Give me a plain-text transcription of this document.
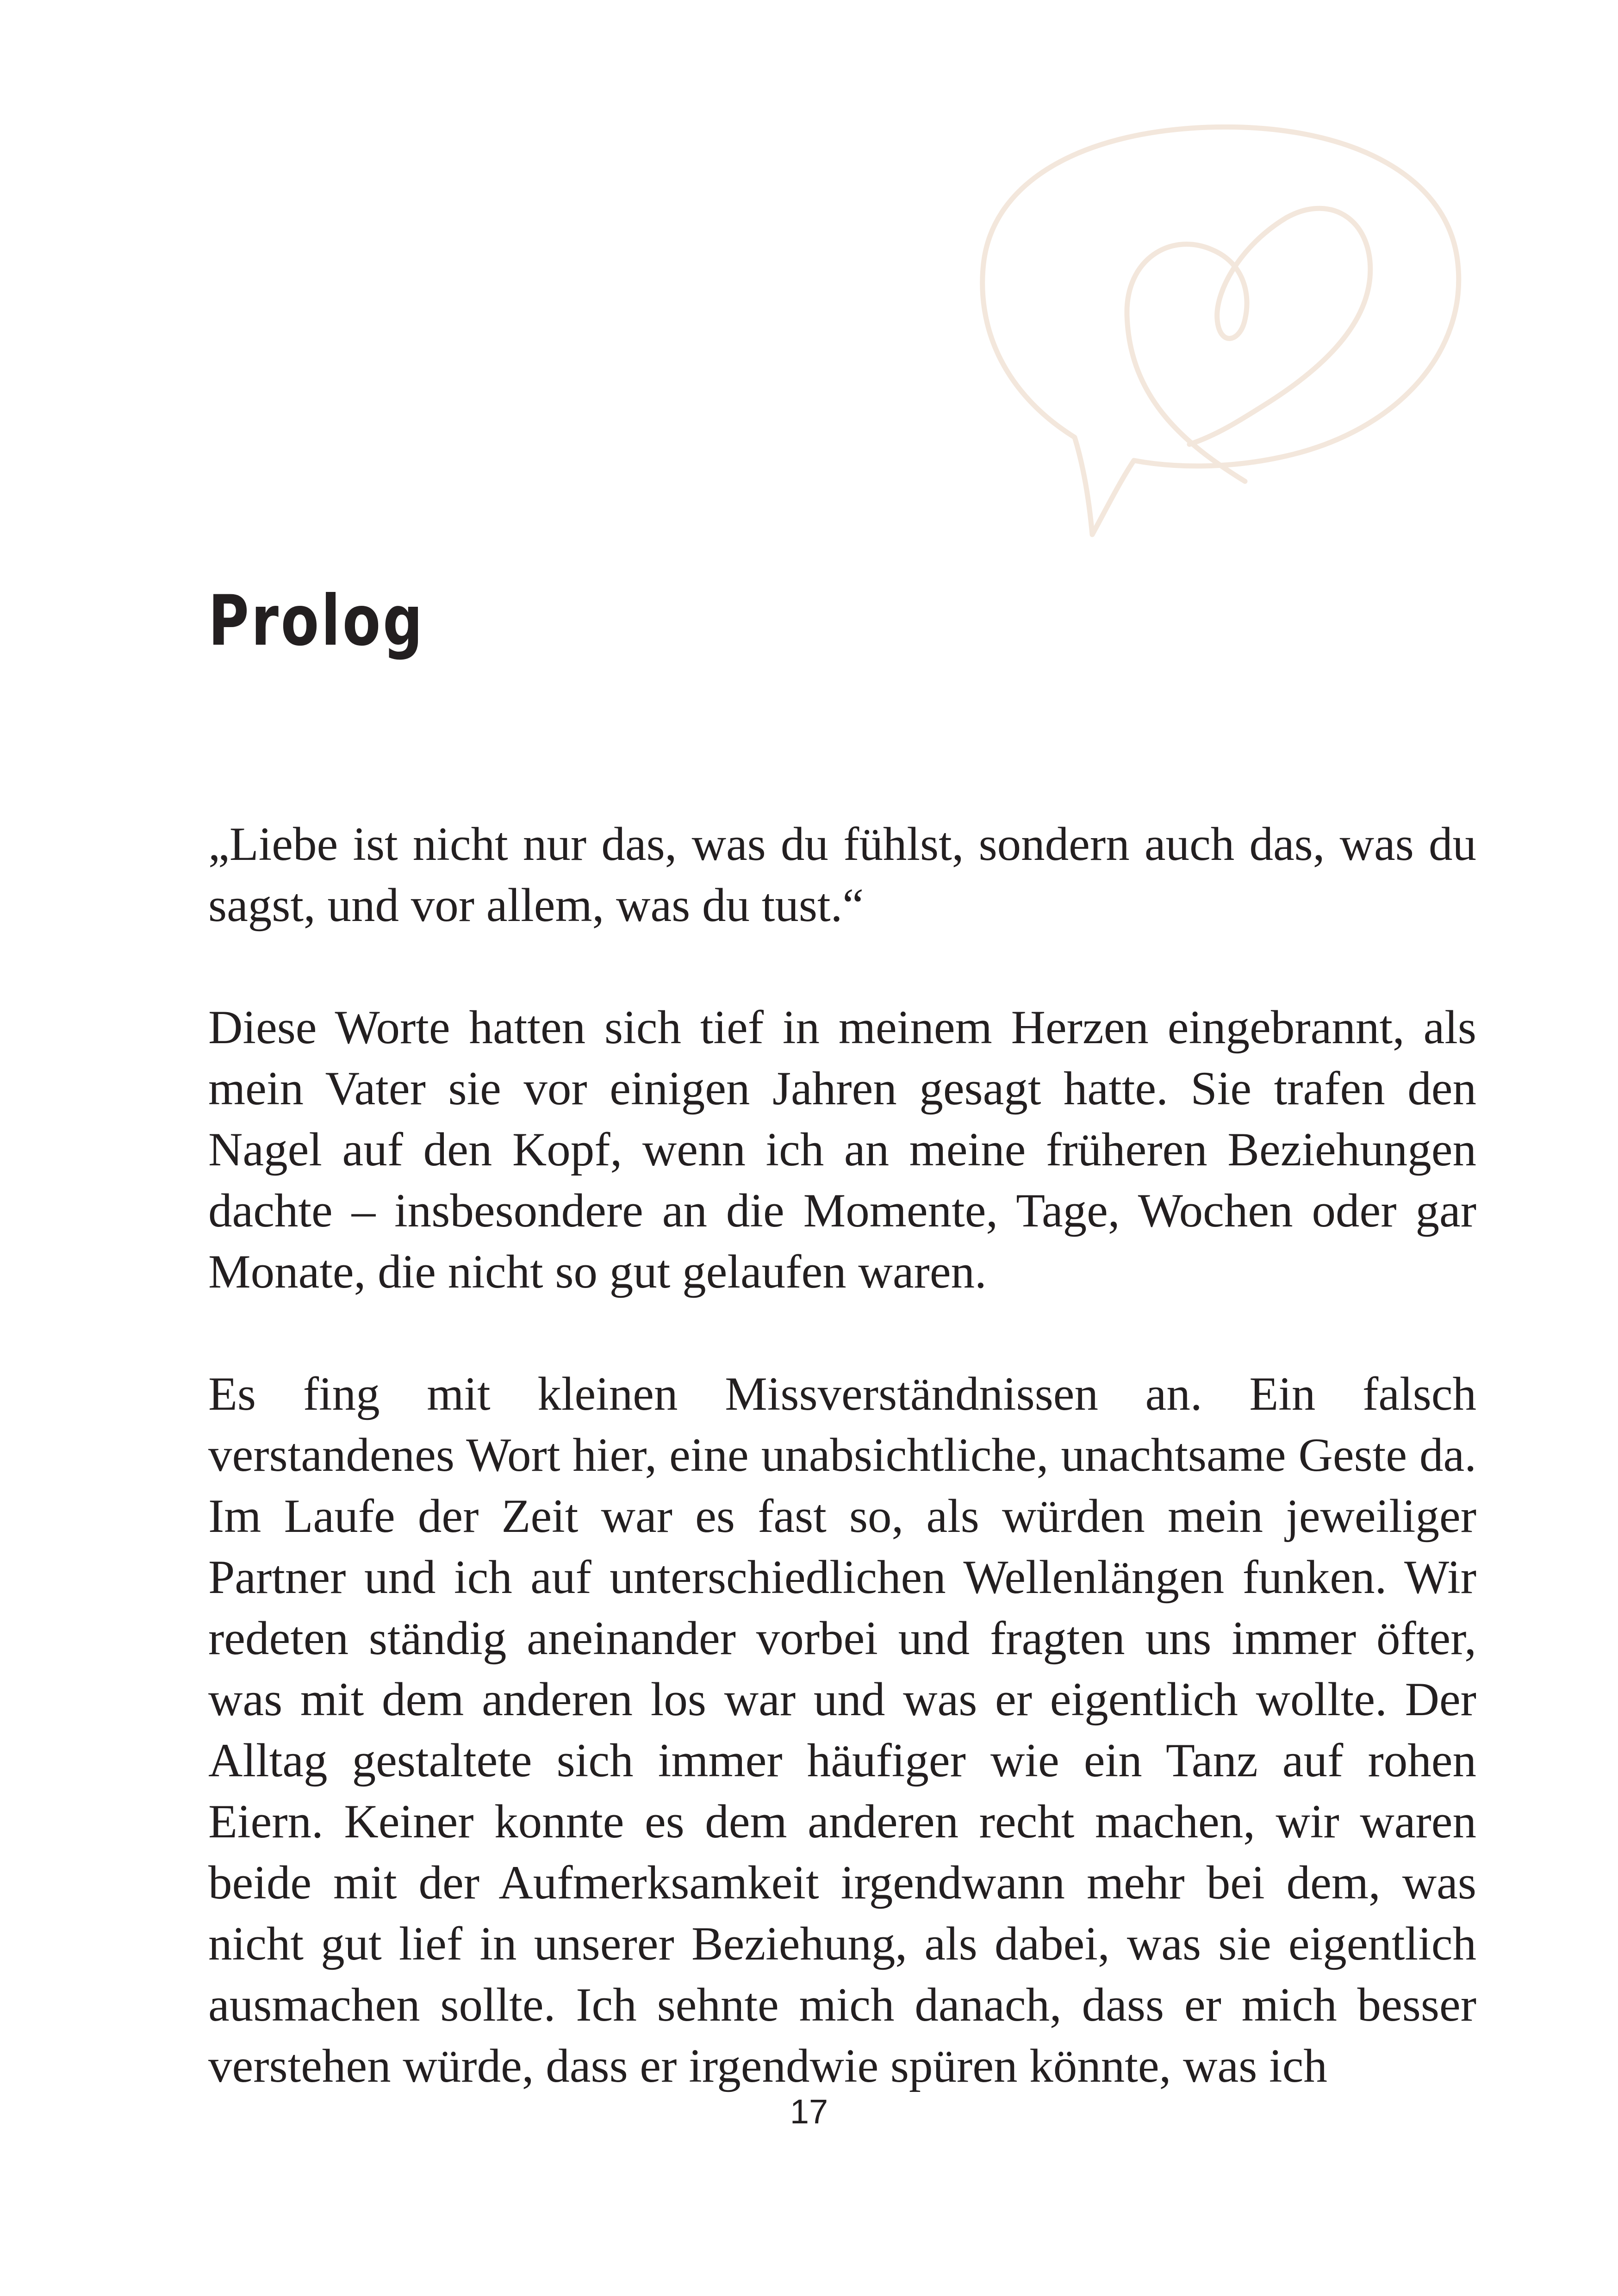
Prolog

„Liebe ist nicht nur das, was du fühlst, sondern auch das, was du sagst, und vor allem, was du tust.“

Diese Worte hatten sich tief in meinem Herzen eingebrannt, als mein Vater sie vor einigen Jahren gesagt hatte. Sie trafen den Nagel auf den Kopf, wenn ich an meine früheren Beziehungen dachte – insbesondere an die Momente, Tage, Wochen oder gar Monate, die nicht so gut gelaufen waren.

Es fing mit kleinen Missverständnissen an. Ein falsch verstandenes Wort hier, eine unabsichtliche, unachtsame Geste da. Im Laufe der Zeit war es fast so, als würden mein jeweiliger Partner und ich auf unterschiedlichen Wellenlängen funken. Wir redeten ständig aneinander vorbei und fragten uns immer öfter, was mit dem anderen los war und was er eigentlich wollte. Der Alltag gestaltete sich immer häufiger wie ein Tanz auf rohen Eiern. Keiner konnte es dem anderen recht machen, wir waren beide mit der Aufmerksamkeit irgendwann mehr bei dem, was nicht gut lief in unserer Beziehung, als dabei, was sie eigentlich ausmachen sollte. Ich sehnte mich danach, dass er mich besser verstehen würde, dass er irgendwie spüren könnte, was ich

17
